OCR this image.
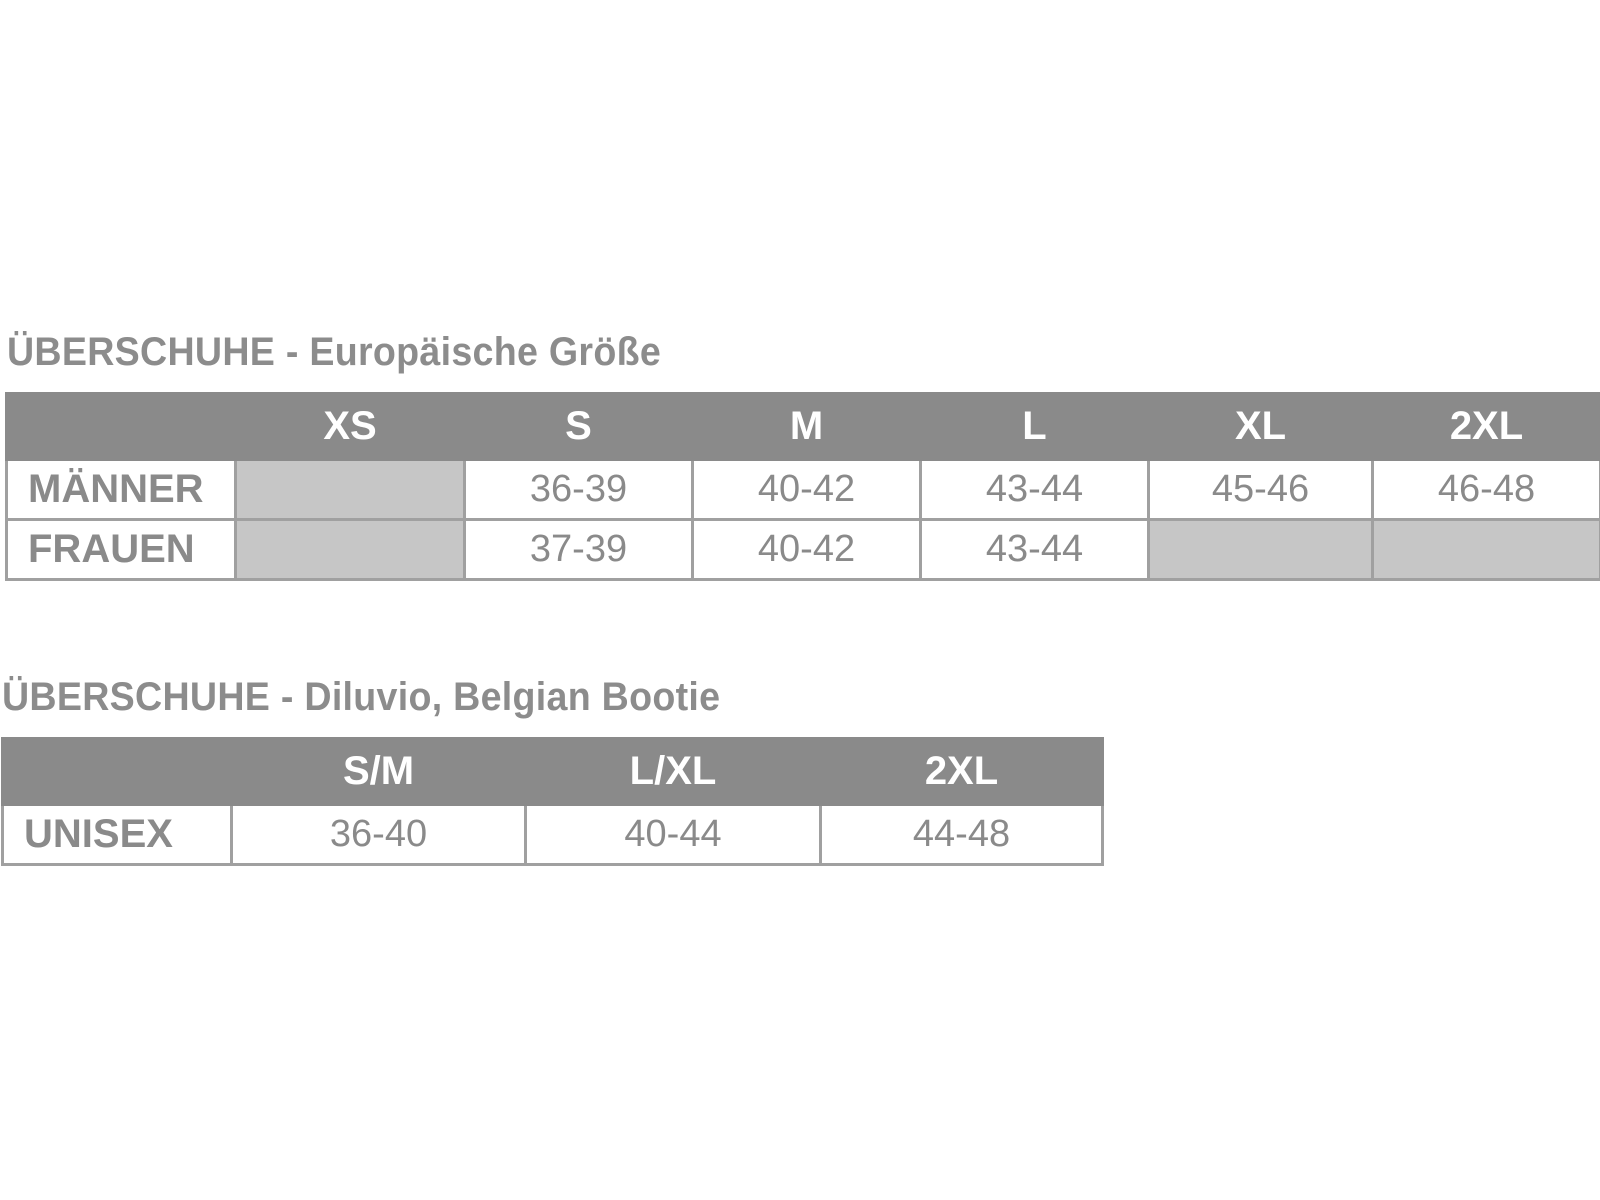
ÜBERSCHUHE - Europäische Größe
	XS	S	M	L	XL	2XL
MÄNNER		36-39	40-42	43-44	45-46	46-48
FRAUEN		37-39	40-42	43-44		
ÜBERSCHUHE - Diluvio, Belgian Bootie
	S/M	L/XL	2XL
UNISEX	36-40	40-44	44-48
